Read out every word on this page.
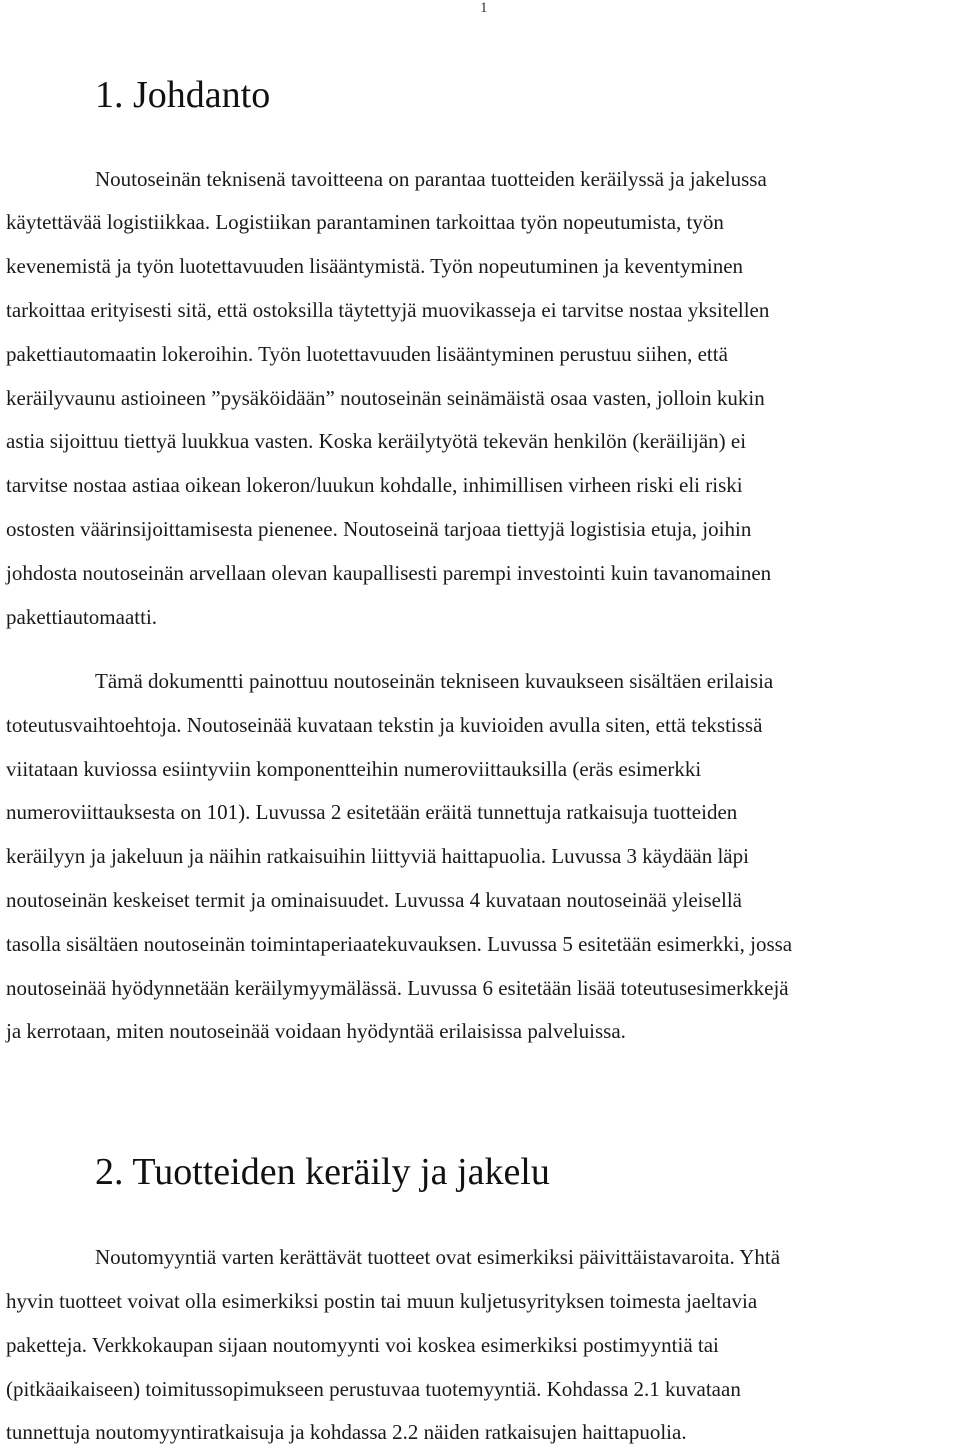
1
1. Johdanto

Noutoseinän teknisenä tavoitteena on parantaa tuotteiden keräilyssä ja jakelussa

käytettävää logistiikkaa. Logistiikan parantaminen tarkoittaa työn nopeutumista, työn

kevenemistä ja työn luotettavuuden lisääntymistä. Työn nopeutuminen ja keventyminen

tarkoittaa erityisesti sitä, että ostoksilla täytettyjä muovikasseja ei tarvitse nostaa yksitellen

pakettiautomaatin lokeroihin. Työn luotettavuuden lisääntyminen perustuu siihen, että

keräilyvaunu astioineen ”pysäköidään” noutoseinän seinämäistä osaa vasten, jolloin kukin

astia sijoittuu tiettyä luukkua vasten. Koska keräilytyötä tekevän henkilön (keräilijän) ei

tarvitse nostaa astiaa oikean lokeron/luukun kohdalle, inhimillisen virheen riski eli riski

ostosten väärinsijoittamisesta pienenee. Noutoseinä tarjoaa tiettyjä logistisia etuja, joihin

johdosta noutoseinän arvellaan olevan kaupallisesti parempi investointi kuin tavanomainen

pakettiautomaatti.

Tämä dokumentti painottuu noutoseinän tekniseen kuvaukseen sisältäen erilaisia

toteutusvaihtoehtoja. Noutoseinää kuvataan tekstin ja kuvioiden avulla siten, että tekstissä

viitataan kuviossa esiintyviin komponentteihin numeroviittauksilla (eräs esimerkki

numeroviittauksesta on 101). Luvussa 2 esitetään eräitä tunnettuja ratkaisuja tuotteiden

keräilyyn ja jakeluun ja näihin ratkaisuihin liittyviä haittapuolia. Luvussa 3 käydään läpi

noutoseinän keskeiset termit ja ominaisuudet. Luvussa 4 kuvataan noutoseinää yleisellä

tasolla sisältäen noutoseinän toimintaperiaatekuvauksen. Luvussa 5 esitetään esimerkki, jossa

noutoseinää hyödynnetään keräilymyymälässä. Luvussa 6 esitetään lisää toteutusesimerkkejä

ja kerrotaan, miten noutoseinää voidaan hyödyntää erilaisissa palveluissa.

2. Tuotteiden keräily ja jakelu

Noutomyyntiä varten kerättävät tuotteet ovat esimerkiksi päivittäistavaroita. Yhtä

hyvin tuotteet voivat olla esimerkiksi postin tai muun kuljetusyrityksen toimesta jaeltavia

paketteja. Verkkokaupan sijaan noutomyynti voi koskea esimerkiksi postimyyntiä tai

(pitkäaikaiseen) toimitussopimukseen perustuvaa tuotemyyntiä. Kohdassa 2.1 kuvataan

tunnettuja noutomyyntiratkaisuja ja kohdassa 2.2 näiden ratkaisujen haittapuolia.
